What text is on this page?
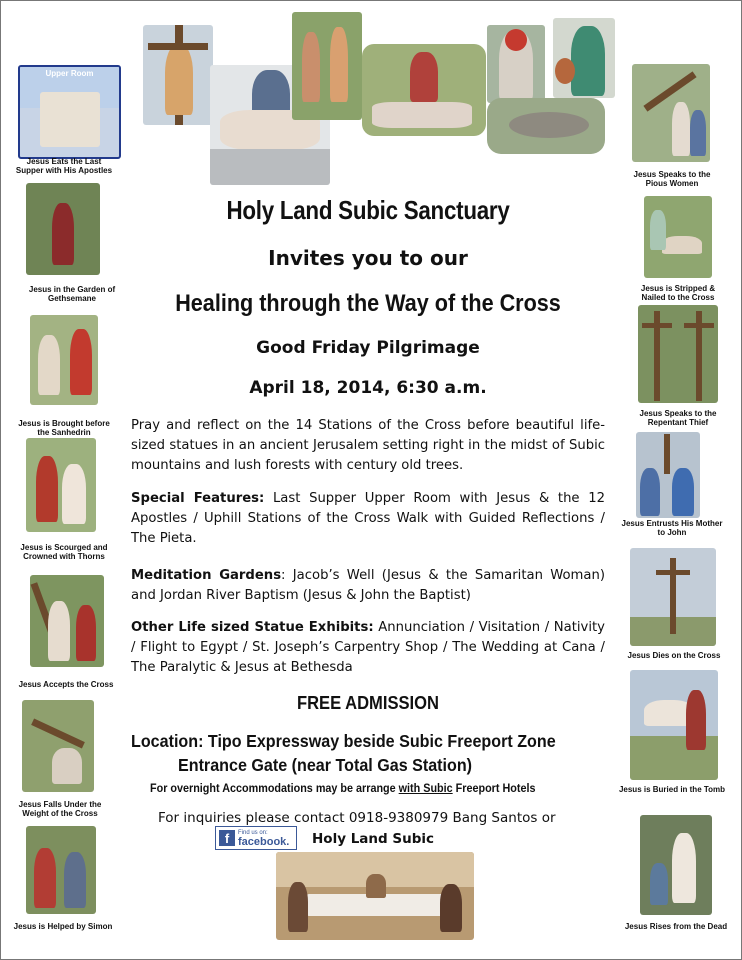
Upper Room
Jesus Eats the Last Supper with His Apostles
Jesus in the Garden of Gethsemane
Jesus is Brought before the Sanhedrin
Jesus is Scourged and Crowned with Thorns
Jesus Accepts the Cross
Jesus Falls Under the Weight of the Cross
Jesus is Helped by Simon
Jesus Speaks to the Pious Women
Jesus is Stripped & Nailed to the Cross
Jesus Speaks to the Repentant Thief
Jesus Entrusts His Mother to John
Jesus Dies on the Cross
Jesus is Buried in the Tomb
Jesus Rises from the Dead
Holy Land Subic Sanctuary
Invites you to our
Healing through the Way of the Cross
Good Friday Pilgrimage
April 18, 2014, 6:30 a.m.
Pray and reflect on the 14 Stations of the Cross before beautiful life-sized statues in an ancient Jerusalem setting right in the midst of Subic mountains and lush forests with century old trees.
Special Features: Last Supper Upper Room with Jesus & the 12 Apostles / Uphill Stations of the Cross Walk with Guided Reflections / The Pieta.
Meditation Gardens: Jacob’s Well (Jesus & the Samaritan Woman) and Jordan River Baptism (Jesus & John the Baptist)
Other Life sized Statue Exhibits: Annunciation / Visitation / Nativity / Flight to Egypt / St. Joseph’s Carpentry Shop / The Wedding at Cana / The Paralytic & Jesus at Bethesda
FREE ADMISSION
Location: Tipo Expressway beside Subic Freeport Zone
Entrance Gate (near Total Gas Station)
For overnight Accommodations may be arrange with Subic Freeport Hotels
For inquiries please contact 0918-9380979 Bang Santos or
f	Find us on:
facebook. Holy Land Subic
